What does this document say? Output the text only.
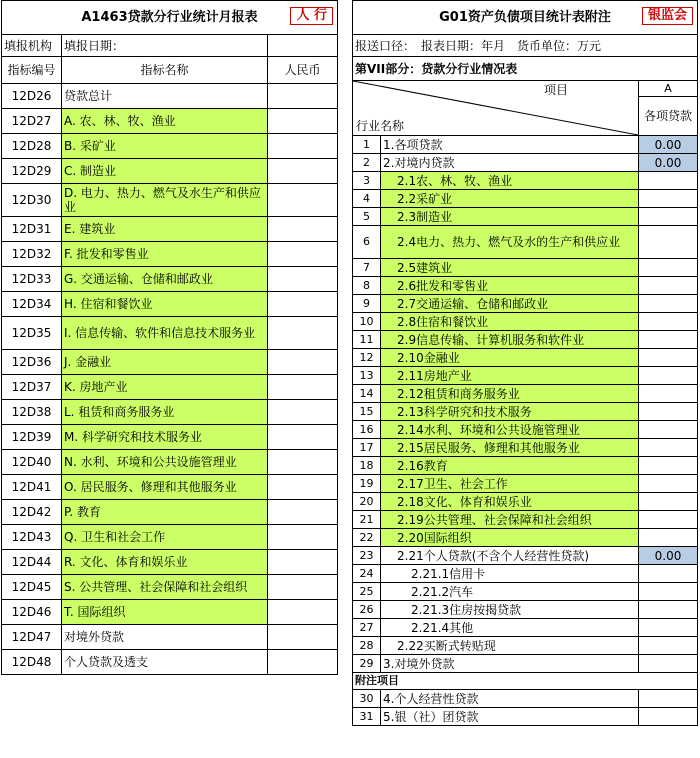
A1463贷款分行业统计月报表 人 行		

填报机构	填报日期：	
指标编号	指标名称	人民币
12D26	贷款总计	
12D27	A. 农、林、牧、渔业	
12D28	B. 采矿业	
12D29	C. 制造业	
12D30	D. 电力、热力、燃气及水生产和供应业	
12D31	E. 建筑业	
12D32	F. 批发和零售业	
12D33	G. 交通运输、仓储和邮政业	
12D34	H. 住宿和餐饮业	
12D35	I. 信息传输、软件和信息技术服务业	
12D36	J. 金融业	
12D37	K. 房地产业	
12D38	L. 租赁和商务服务业	
12D39	M. 科学研究和技术服务业	
12D40	N. 水利、环境和公共设施管理业	
12D41	O. 居民服务、修理和其他服务业	
12D42	P. 教育	
12D43	Q. 卫生和社会工作	
12D44	R. 文化、体育和娱乐业	
12D45	S. 公共管理、社会保障和社会组织	
12D46	T. 国际组织	
12D47	对境外贷款	
12D48	个人贷款及透支	
G01资产负债项目统计表附注 银监会		

报送口径：　报表日期：年月　货币单位：万元		
第VII部分：贷款分行业情况表		

项目
行业名称		A
		各项贷款
1	1.各项贷款	0.00
2	2.对境内贷款	0.00
3	2.1农、林、牧、渔业	
4	2.2采矿业	
5	2.3制造业	
6	2.4电力、热力、燃气及水的生产和供应业	
7	2.5建筑业	
8	2.6批发和零售业	
9	2.7交通运输、仓储和邮政业	
10	2.8住宿和餐饮业	
11	2.9信息传输、计算机服务和软件业	
12	2.10金融业	
13	2.11房地产业	
14	2.12租赁和商务服务业	
15	2.13科学研究和技术服务	
16	2.14水利、环境和公共设施管理业	
17	2.15居民服务、修理和其他服务业	
18	2.16教育	
19	2.17卫生、社会工作	
20	2.18文化、体育和娱乐业	
21	2.19公共管理、社会保障和社会组织	
22	2.20国际组织	
23	2.21个人贷款(不含个人经营性贷款)	0.00
24	2.21.1信用卡	
25	2.21.2汽车	
26	2.21.3住房按揭贷款	
27	2.21.4其他	
28	2.22买断式转贴现	
29	3.对境外贷款	
附注项目		
30	4.个人经营性贷款	
31	5.银（社）团贷款	
